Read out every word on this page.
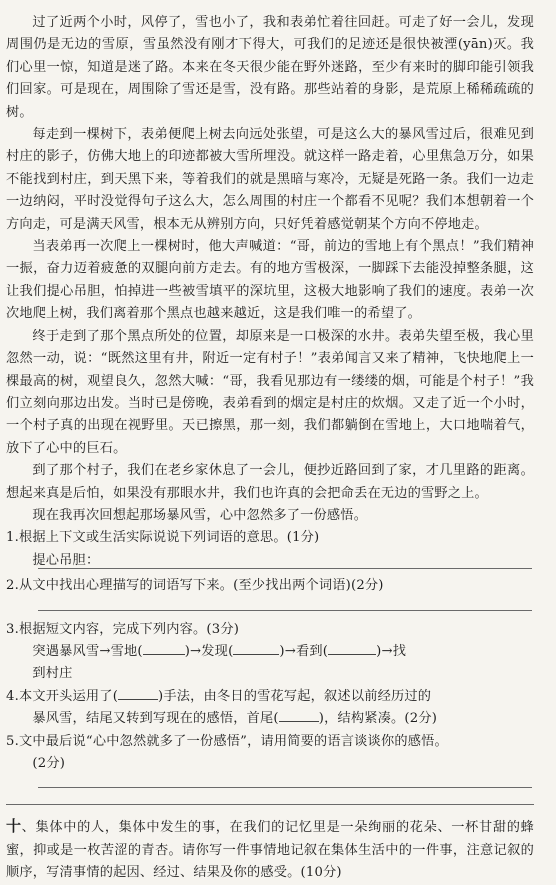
过了近两个小时，风停了，雪也小了，我和表弟忙着往回赶。可走了好一会儿，发现周围仍是无边的雪原，雪虽然没有刚才下得大，可我们的足迹还是很快被湮(yān)灭。我们心里一惊，知道是迷了路。本来在冬天很少能在野外迷路，至少有来时的脚印能引领我们回家。可是现在，周围除了雪还是雪，没有路。那些站着的身影，是荒原上稀稀疏疏的树。

每走到一棵树下，表弟便爬上树去向远处张望，可是这么大的暴风雪过后，很难见到村庄的影子，仿佛大地上的印迹都被大雪所埋没。就这样一路走着，心里焦急万分，如果不能找到村庄，到天黑下来，等着我们的就是黑暗与寒冷，无疑是死路一条。我们一边走一边纳闷，平时没觉得句子这么大，怎么周围的村庄一个都看不见呢？我们本想朝着一个方向走，可是满天风雪，根本无从辨别方向，只好凭着感觉朝某个方向不停地走。

当表弟再一次爬上一棵树时，他大声喊道：“哥，前边的雪地上有个黑点！”我们精神一振，奋力迈着疲惫的双腿向前方走去。有的地方雪极深，一脚踩下去能没掉整条腿，这让我们提心吊胆，怕掉进一些被雪填平的深坑里，这极大地影响了我们的速度。表弟一次次地爬上树，我们离着那个黑点也越来越近，这是我们唯一的希望了。

终于走到了那个黑点所处的位置，却原来是一口极深的水井。表弟失望至极，我心里忽然一动，说：“既然这里有井，附近一定有村子！”表弟闻言又来了精神，飞快地爬上一棵最高的树，观望良久，忽然大喊：“哥，我看见那边有一缕缕的烟，可能是个村子！”我们立刻向那边出发。当时已是傍晚，表弟看到的烟定是村庄的炊烟。又走了近一个小时，一个村子真的出现在视野里。天已擦黑，那一刻，我们都躺倒在雪地上，大口地喘着气，放下了心中的巨石。

到了那个村子，我们在老乡家休息了一会儿，便抄近路回到了家，才几里路的距离。想起来真是后怕，如果没有那眼水井，我们也许真的会把命丢在无边的雪野之上。

现在我再次回想起那场暴风雪，心中忽然多了一份感悟。

1.根据上下文或生活实际说说下列词语的意思。(1分)
提心吊胆：

2.从文中找出心理描写的词语写下来。(至少找出两个词语)(2分)

3.根据短文内容，完成下列内容。(3分)
突遇暴风雪→雪地(	)→发现(	)→看到(	)→找
到村庄

4.本文开头运用了(	)手法，由冬日的雪花写起，叙述以前经历过的
暴风雪，结尾又转到写现在的感悟，首尾(	)，结构紧凑。(2分)

5.文中最后说“心中忽然就多了一份感悟”，请用简要的语言谈谈你的感悟。
(2分)

十、集体中的人，集体中发生的事，在我们的记忆里是一朵绚丽的花朵、一杯甘甜的蜂蜜，抑或是一枚苦涩的青杏。请你写一件事情地记叙在集体生活中的一件事，注意记叙的顺序，写清事情的起因、经过、结果及你的感受。(10分)
